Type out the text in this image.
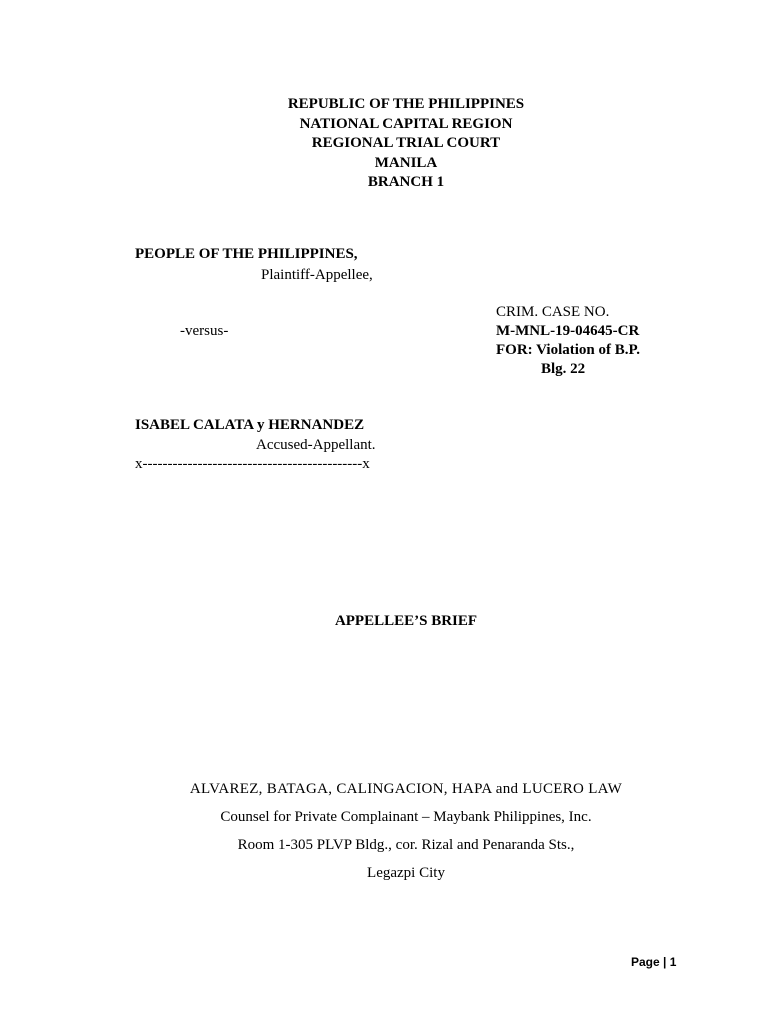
REPUBLIC OF THE PHILIPPINES
NATIONAL CAPITAL REGION
REGIONAL TRIAL COURT
MANILA
BRANCH 1
PEOPLE OF THE PHILIPPINES,
Plaintiff-Appellee,
CRIM. CASE NO.
-versus-	M-MNL-19-04645-CR
FOR: Violation of B.P.
Blg. 22
ISABEL CALATA y HERNANDEZ
Accused-Appellant.
x--------------------------------------------x
APPELLEE’S BRIEF
ALVAREZ, BATAGA, CALINGACION, HAPA and LUCERO LAW
Counsel for Private Complainant – Maybank Philippines, Inc.
Room 1-305 PLVP Bldg., cor. Rizal and Penaranda Sts.,
Legazpi City
Page | 1
